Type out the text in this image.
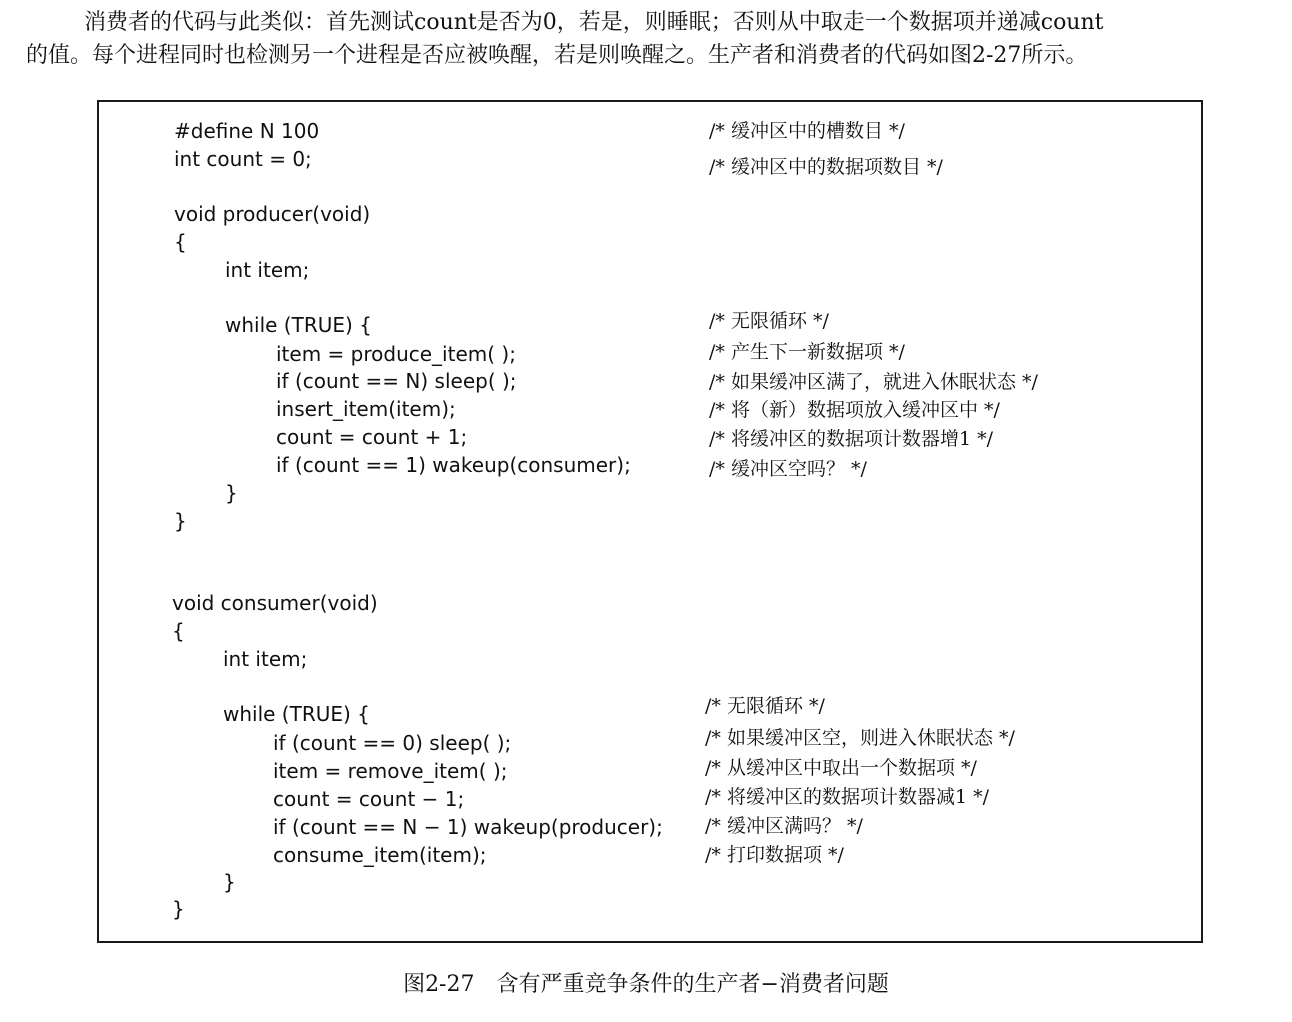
消费者的代码与此类似：首先测试count是否为0，若是，则睡眠；否则从中取走一个数据项并递减count

的值。每个进程同时也检测另一个进程是否应被唤醒，若是则唤醒之。生产者和消费者的代码如图2-27所示。

#define N 100	/* 缓冲区中的槽数目 */
int count = 0;	/* 缓冲区中的数据项数目 */
void producer(void)
{
int item;
while (TRUE) {	/* 无限循环 */
item = produce_item( );	/* 产生下一新数据项 */
if (count == N) sleep( );	/* 如果缓冲区满了，就进入休眠状态 */
insert_item(item);	/* 将（新）数据项放入缓冲区中 */
count = count + 1;	/* 将缓冲区的数据项计数器增1 */
if (count == 1) wakeup(consumer);	/* 缓冲区空吗？ */
}
}
void consumer(void)
{
int item;
while (TRUE) {	/* 无限循环 */
if (count == 0) sleep( );	/* 如果缓冲区空，则进入休眠状态 */
item = remove_item( );	/* 从缓冲区中取出一个数据项 */
count = count − 1;	/* 将缓冲区的数据项计数器减1 */
if (count == N − 1) wakeup(producer); /* 缓冲区满吗？ */
consume_item(item);	/* 打印数据项 */
}
}
图2-27 含有严重竞争条件的生产者−消费者问题
